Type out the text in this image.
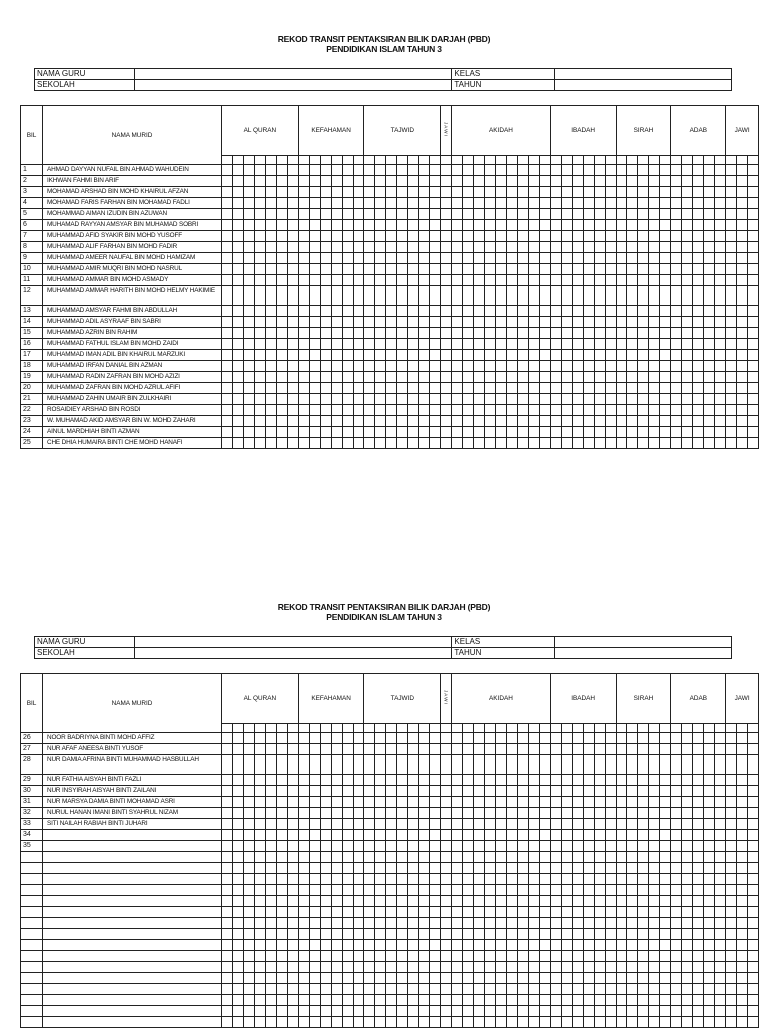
REKOD TRANSIT PENTAKSIRAN BILIK DARJAH (PBD)
PENDIDIKAN ISLAM TAHUN 3
NAMA GURU		KELAS	
SEKOLAH		TAHUN	
BIL	NAMA MURID	AL QURAN							KEFAHAMAN						TAJWID							J A W I	AKIDAH									IBADAH						SIRAH					ADAB					JAWI		

1	AHMAD DAYYAN NUFAIL BIN AHMAD WAHUDEIN																																																	
2	IKHWAN FAHMI BIN ARIF																																																	
3	MOHAMAD ARSHAD BIN MOHD KHAIRUL AFZAN																																																	
4	MOHAMAD FARIS FARHAN BIN MOHAMAD FADLI																																																	
5	MOHAMMAD AIMAN IZUDIN BIN AZUWAN																																																	
6	MUHAMAD RAYYAN AMSYAR BIN MUHAMAD SOBRI																																																	
7	MUHAMMAD AFID SYAKIR BIN MOHD YUSOFF																																																	
8	MUHAMMAD ALIF FARHAN BIN MOHD FADIR																																																	
9	MUHAMMAD AMEER NAUFAL BIN MOHD HAMIZAM																																																	
10	MUHAMMAD AMIR MUQRI BIN MOHD NASRUL																																																	
11	MUHAMMAD AMMAR BIN MOHD ASMADY																																																	
12	MUHAMMAD AMMAR HARITH BIN MOHD HELMY HAKIMIE																																																	
13	MUHAMMAD AMSYAR FAHMI BIN ABDULLAH																																																	
14	MUHAMMAD ADIL ASYRAAF BIN SABRI																																																	
15	MUHAMMAD AZRIN BIN RAHIM																																																	
16	MUHAMMAD FATHUL ISLAM BIN MOHD ZAIDI																																																	
17	MUHAMMAD IMAN ADIL BIN KHAIRUL MARZUKI																																																	
18	MUHAMMAD IRFAN DANIAL BIN AZMAN																																																	
19	MUHAMMAD RADIN ZAFRAN BIN MOHD AZIZI																																																	
20	MUHAMMAD ZAFRAN BIN MOHD AZRUL AFIFI																																																	
21	MUHAMMAD ZAHIN UMAIR BIN ZULKHAIRI																																																	
22	ROSAIDIEY ARSHAD BIN ROSDI																																																	
23	W. MUHAMAD AKID AMSYAR BIN W. MOHD ZAHARI																																																	
24	AINUL MARDHIAH BINTI AZMAN																																																	
25	CHE DHIA HUMAIRA BINTI CHE MOHD HANAFI																																																	
REKOD TRANSIT PENTAKSIRAN BILIK DARJAH (PBD)
PENDIDIKAN ISLAM TAHUN 3
NAMA GURU		KELAS	
SEKOLAH		TAHUN	
BIL	NAMA MURID	AL QURAN							KEFAHAMAN						TAJWID							J A W I	AKIDAH									IBADAH						SIRAH					ADAB					JAWI		

26	NOOR BADRIYNA BINTI MOHD AFFIZ																																																	
27	NUR AFAF ANEESA BINTI YUSOF																																																	
28	NUR DAMIA AFRINA BINTI MUHAMMAD HASBULLAH																																																	
29	NUR FATHIA AISYAH BINTI FAZLI																																																	
30	NUR INSYIRAH AISYAH BINTI ZAILANI																																																	
31	NUR MARSYA DAMIA BINTI MOHAMAD ASRI																																																	
32	NURUL HANAN IMANI BINTI SYAHRUL NIZAM																																																	
33	SITI NAILAH RABIAH BINTI JUHARI																																																	
34																																																		
35																																																		
